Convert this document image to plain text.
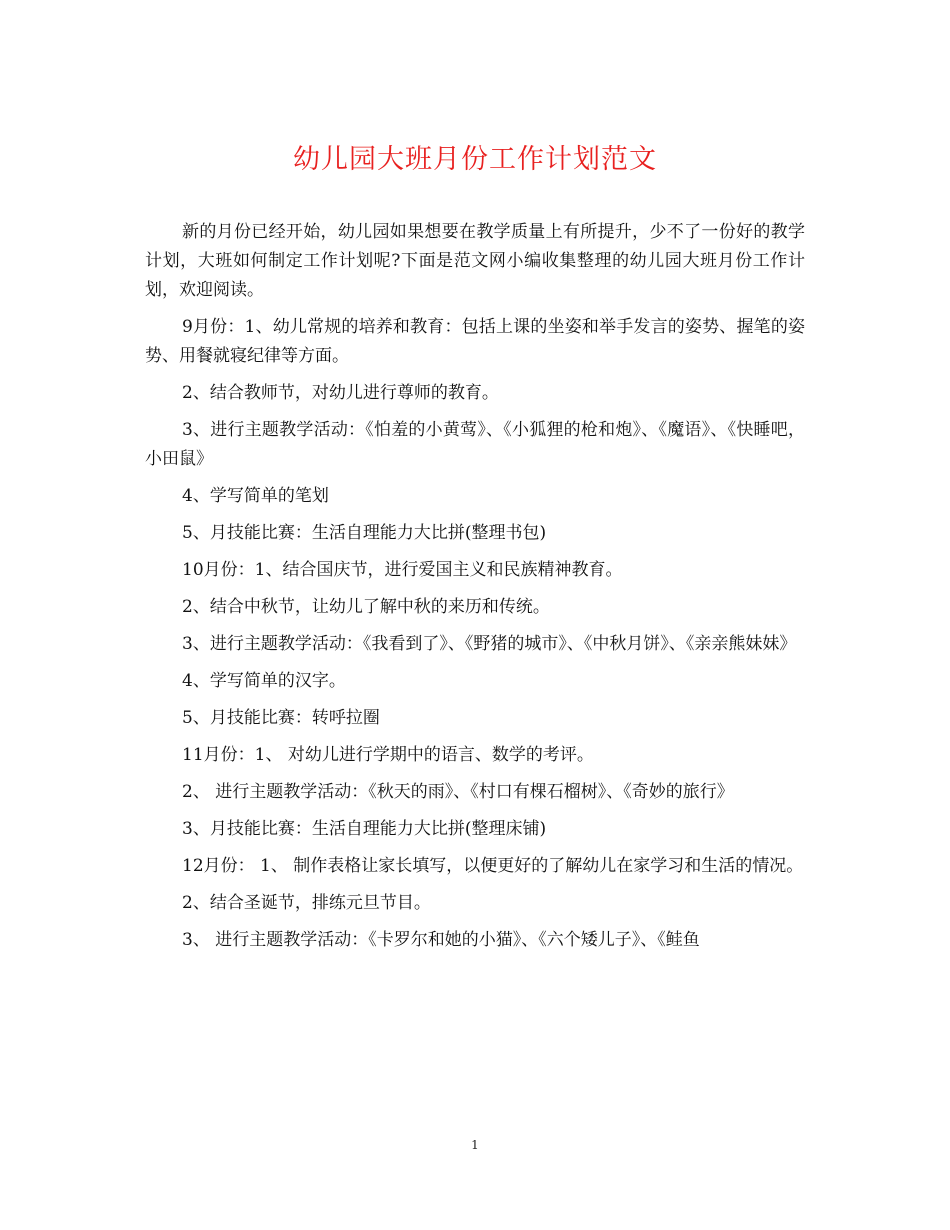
幼儿园大班月份工作计划范文

新的月份已经开始，幼儿园如果想要在教学质量上有所提升，少不了一份好的教学计划，大班如何制定工作计划呢?下面是范文网小编收集整理的幼儿园大班月份工作计划，欢迎阅读。

9月份：1、幼儿常规的培养和教育：包括上课的坐姿和举手发言的姿势、握笔的姿势、用餐就寝纪律等方面。

2、结合教师节，对幼儿进行尊师的教育。

3、进行主题教学活动：《怕羞的小黄莺》、《小狐狸的枪和炮》、《魔语》、《快睡吧，小田鼠》

4、学写简单的笔划

5、月技能比赛：生活自理能力大比拼(整理书包)

10月份：1、结合国庆节，进行爱国主义和民族精神教育。

2、结合中秋节，让幼儿了解中秋的来历和传统。

3、进行主题教学活动：《我看到了》、《野猪的城市》、《中秋月饼》、《亲亲熊妹妹》

4、学写简单的汉字。

5、月技能比赛：转呼拉圈

11月份：1、 对幼儿进行学期中的语言、数学的考评。

2、 进行主题教学活动：《秋天的雨》、《村口有棵石榴树》、《奇妙的旅行》

3、月技能比赛：生活自理能力大比拼(整理床铺)

12月份： 1、 制作表格让家长填写，以便更好的了解幼儿在家学习和生活的情况。

2、结合圣诞节，排练元旦节目。

3、 进行主题教学活动：《卡罗尔和她的小猫》、《六个矮儿子》、《鲑鱼

1
